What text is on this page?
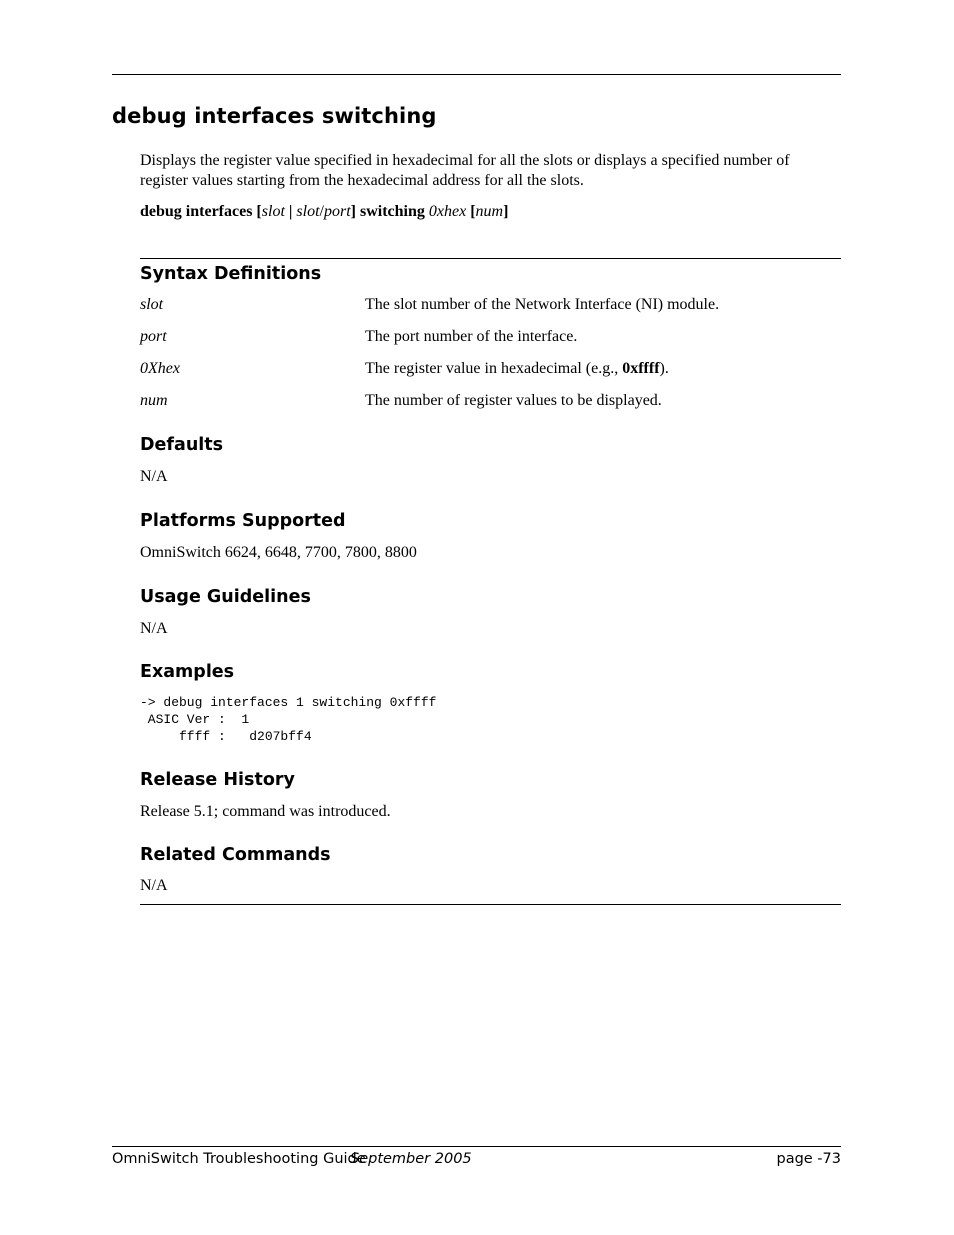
debug interfaces switching
Displays the register value specified in hexadecimal for all the slots or displays a specified number of register values starting from the hexadecimal address for all the slots.
debug interfaces [slot | slot/port] switching 0xhex [num]
Syntax Definitions
slot	The slot number of the Network Interface (NI) module.
port	The port number of the interface.
0Xhex	The register value in hexadecimal (e.g., 0xffff).
num	The number of register values to be displayed.
Defaults
N/A
Platforms Supported
OmniSwitch 6624, 6648, 7700, 7800, 8800
Usage Guidelines
N/A
Examples
-> debug interfaces 1 switching 0xffff
ASIC Ver :  1
ffff :   d207bff4
Release History
Release 5.1; command was introduced.
Related Commands
N/A
OmniSwitch Troubleshooting Guide
September 2005	page -73
